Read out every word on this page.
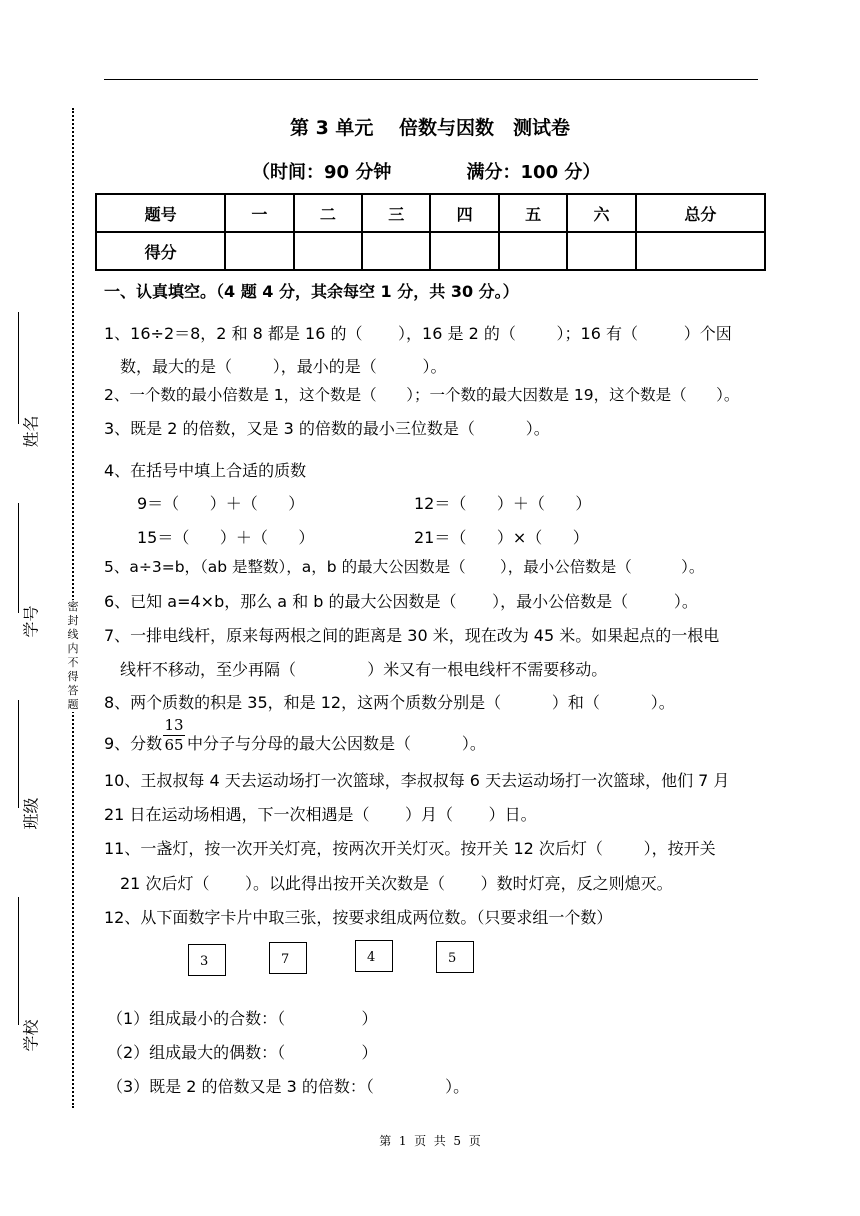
密封线内不得答题
姓名
学号
班级
学校
第 3 单元　 倍数与因数　测试卷
（时间：90 分钟            满分：100 分）
题号	一	二	三	四	五	六	总分
得分							
一、认真填空。（4 题 4 分，其余每空 1 分，共 30 分。）
1、16÷2＝8，2 和 8 都是 16 的（       ），16 是 2 的（        ）；16 有（         ）个因
数，最大的是（        ），最小的是（         ）。
2、一个数的最小倍数是 1，这个数是（      ）；一个数的最大因数是 19，这个数是（      ）。
3、既是 2 的倍数，又是 3 的倍数的最小三位数是（          ）。
4、在括号中填上合适的质数
9＝（      ）＋（      ）	12＝（      ）＋（      ）
15＝（      ）＋（      ）	21＝（      ）×（      ）
5、a÷3=b，（ab 是整数），a，b 的最大公因数是（       ），最小公倍数是（          ）。
6、已知 a=4×b，那么 a 和 b 的最大公因数是（       ），最小公倍数是（         ）。
7、一排电线杆，原来每两根之间的距离是 30 米，现在改为 45 米。如果起点的一根电
线杆不移动，至少再隔（              ）米又有一根电线杆不需要移动。
8、两个质数的积是 35，和是 12，这两个质数分别是（          ）和（          ）。
9、分数 $\frac{13}{65}$ 中分子与分母的最大公因数是（          ）。
10、王叔叔每 4 天去运动场打一次篮球，李叔叔每 6 天去运动场打一次篮球，他们 7 月
21 日在运动场相遇，下一次相遇是（       ）月（       ）日。
11、一盏灯，按一次开关灯亮，按两次开关灯灭。按开关 12 次后灯（        ），按开关
21 次后灯（       ）。以此得出按开关次数是（       ）数时灯亮，反之则熄灭。
12、从下面数字卡片中取三张，按要求组成两位数。（只要求组一个数）
3	7	4	5
（1）组成最小的合数：（               ）
（2）组成最大的偶数：（               ）
（3）既是 2 的倍数又是 3 的倍数：（              ）。
第  1  页  共  5  页
